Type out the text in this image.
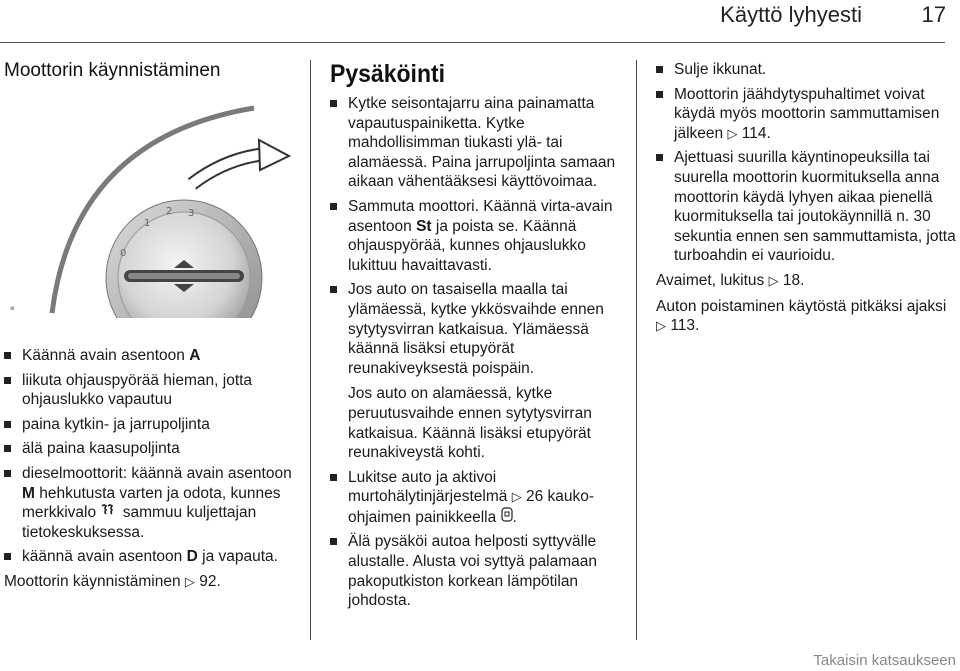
Käyttö lyhyesti	17
Moottorin käynnistäminen
0
1
2 3
▪
Käännä avain asentoon A
liikuta ohjauspyörää hieman, jotta ohjauslukko vapautuu
paina kytkin- ja jarrupoljinta
älä paina kaasupoljinta
dieselmoottorit: käännä avain asentoon M hehkutusta varten ja odota, kunnes merkkivalo  sammuu kuljettajan tietokeskuksessa.
käännä avain asentoon D ja vapauta.

Moottorin käynnistäminen ▷ 92.

Pysäköinti
Kytke seisontajarru aina painamatta vapautuspainiketta. Kytke mahdollisimman tiukasti ylä- tai alamäessä. Paina jarrupoljinta samaan aikaan vähentääksesi käyttövoimaa.
Sammuta moottori. Käännä virta-avain asentoon St ja poista se. Käännä ohjauspyörää, kunnes ohjauslukko lukittuu havaittavasti.
Jos auto on tasaisella maalla tai ylämäessä, kytke ykkösvaihde ennen sytytysvirran katkaisua. Ylämäessä käännä lisäksi etupyörät reunakiveyksestä poispäin.
Jos auto on alamäessä, kytke peruutusvaihde ennen sytytysvirran katkaisua. Käännä lisäksi etupyörät reunakiveystä kohti.
Lukitse auto ja aktivoi murtohälytinjärjestelmä ▷ 26 kauko-ohjaimen painikkeella .
Älä pysäköi autoa helposti syttyvälle alustalle. Alusta voi syttyä palamaan pakoputkiston korkean lämpötilan johdosta.
Sulje ikkunat.
Moottorin jäähdytyspuhaltimet voivat käydä myös moottorin sammuttamisen jälkeen ▷ 114.
Ajettuasi suurilla käyntinopeuksilla tai suurella moottorin kuormituksella anna moottorin käydä lyhyen aikaa pienellä kuormituksella tai joutokäynnillä n. 30 sekuntia ennen sen sammuttamista, jotta turboahdin ei vaurioidu.

Avaimet, lukitus ▷ 18.

Auton poistaminen käytöstä pitkäksi ajaksi ▷ 113.

Takaisin katsaukseen
